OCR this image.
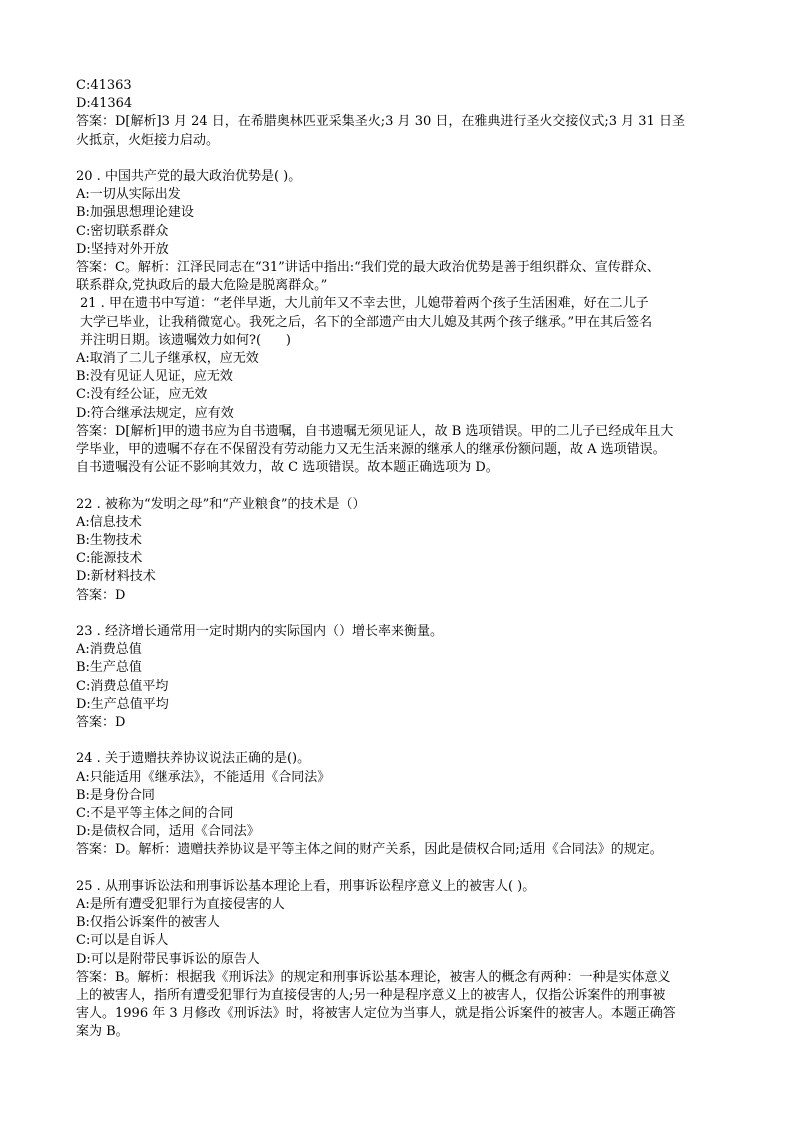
C:41363
D:41364
答案：D[解析]3 月 24 日，在希腊奥林匹亚采集圣火;3 月 30 日，在雅典进行圣火交接仪式;3 月 31 日圣
火抵京，火炬接力启动。
20 . 中国共产党的最大政治优势是( )。
A:一切从实际出发
B:加强思想理论建设
C:密切联系群众
D:坚持对外开放
答案：C。解析：江泽民同志在“31”讲话中指出:“我们党的最大政治优势是善于组织群众、宣传群众、
联系群众,党执政后的最大危险是脱离群众。”
21 . 甲在遗书中写道：“老伴早逝，大儿前年又不幸去世，儿媳带着两个孩子生活困难，好在二儿子
大学已毕业，让我稍微宽心。我死之后，名下的全部遗产由大儿媳及其两个孩子继承。”甲在其后签名
并注明日期。该遗嘱效力如何?(      )
A:取消了二儿子继承权，应无效
B:没有见证人见证，应无效
C:没有经公证，应无效
D:符合继承法规定，应有效
答案：D[解析]甲的遗书应为自书遗嘱，自书遗嘱无须见证人，故 B 选项错误。甲的二儿子已经成年且大
学毕业，甲的遗嘱不存在不保留没有劳动能力又无生活来源的继承人的继承份额问题，故 A 选项错误。
自书遗嘱没有公证不影响其效力，故 C 选项错误。故本题正确选项为 D。
22 . 被称为“发明之母”和“产业粮食”的技术是（）
A:信息技术
B:生物技术
C:能源技术
D:新材料技术
答案：D
23 . 经济增长通常用一定时期内的实际国内（）增长率来衡量。
A:消费总值
B:生产总值
C:消费总值平均
D:生产总值平均
答案：D
24 . 关于遗赠扶养协议说法正确的是()。
A:只能适用《继承法》，不能适用《合同法》
B:是身份合同
C:不是平等主体之间的合同
D:是债权合同，适用《合同法》
答案：D。解析：遗赠扶养协议是平等主体之间的财产关系，因此是债权合同;适用《合同法》的规定。
25 . 从刑事诉讼法和刑事诉讼基本理论上看，刑事诉讼程序意义上的被害人( )。
A:是所有遭受犯罪行为直接侵害的人
B:仅指公诉案件的被害人
C:可以是自诉人
D:可以是附带民事诉讼的原告人
答案：B。解析：根据我《刑诉法》的规定和刑事诉讼基本理论，被害人的概念有两种：一种是实体意义
上的被害人，指所有遭受犯罪行为直接侵害的人;另一种是程序意义上的被害人，仅指公诉案件的刑事被
害人。1996 年 3 月修改《刑诉法》时，将被害人定位为当事人，就是指公诉案件的被害人。本题正确答
案为 B。
